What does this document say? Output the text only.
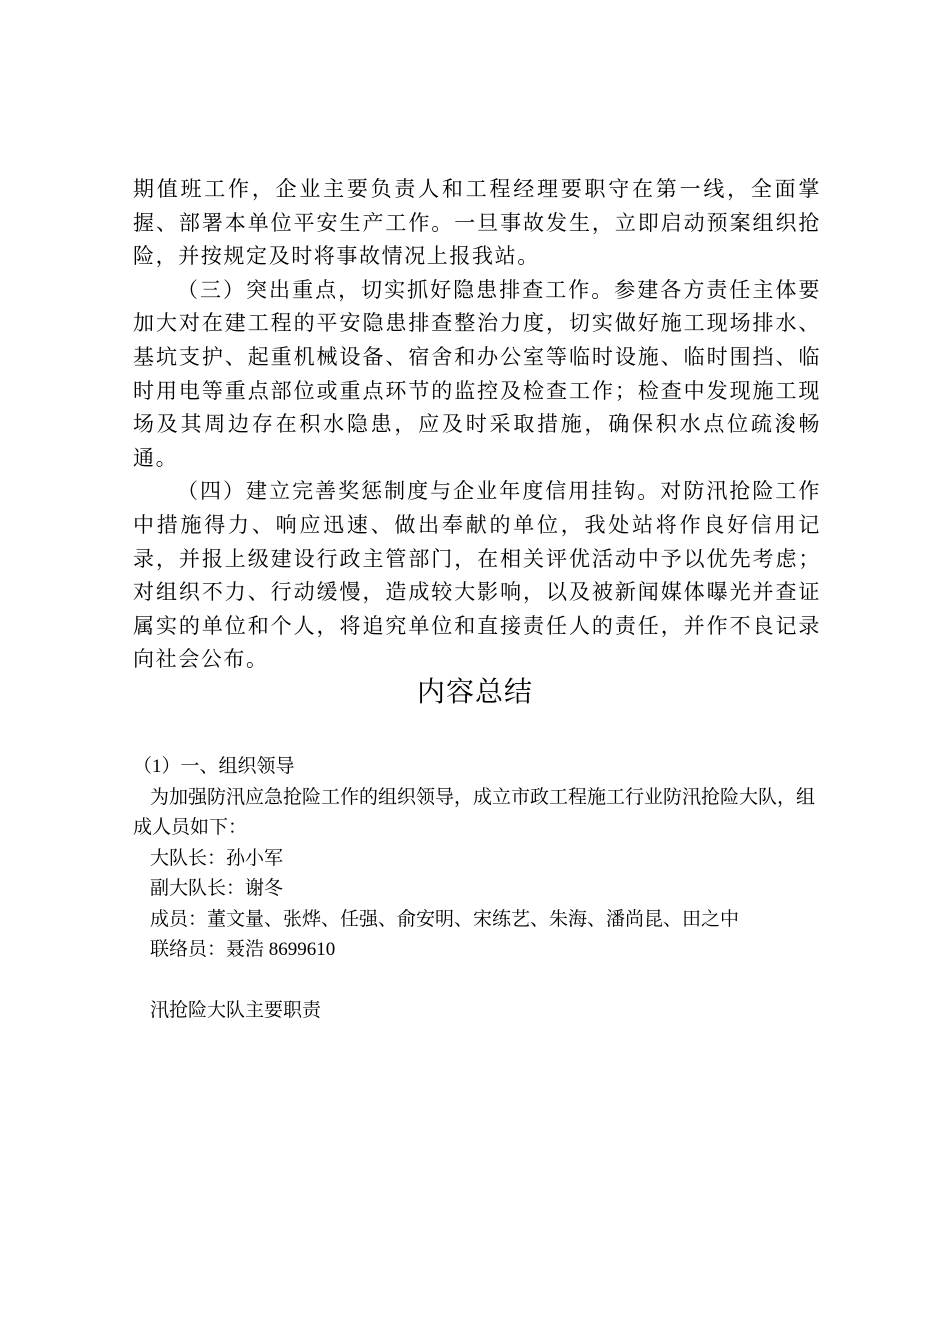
期值班工作，企业主要负责人和工程经理要职守在第一线，全面掌握、部署本单位平安生产工作。一旦事故发生，立即启动预案组织抢险，并按规定及时将事故情况上报我站。

（三）突出重点，切实抓好隐患排查工作。参建各方责任主体要加大对在建工程的平安隐患排查整治力度，切实做好施工现场排水、基坑支护、起重机械设备、宿舍和办公室等临时设施、临时围挡、临时用电等重点部位或重点环节的监控及检查工作；检查中发现施工现场及其周边存在积水隐患，应及时采取措施，确保积水点位疏浚畅通。

（四）建立完善奖惩制度与企业年度信用挂钩。对防汛抢险工作中措施得力、响应迅速、做出奉献的单位，我处站将作良好信用记录，并报上级建设行政主管部门，在相关评优活动中予以优先考虑；对组织不力、行动缓慢，造成较大影响，以及被新闻媒体曝光并查证属实的单位和个人，将追究单位和直接责任人的责任，并作不良记录向社会公布。

内容总结

（1）一、组织领导

为加强防汛应急抢险工作的组织领导，成立市政工程施工行业防汛抢险大队，组成人员如下：

大队长：孙小军

副大队长：谢冬

成员：董文量、张烨、任强、俞安明、宋练艺、朱海、潘尚昆、田之中

联络员：聂浩 8699610

汛抢险大队主要职责
